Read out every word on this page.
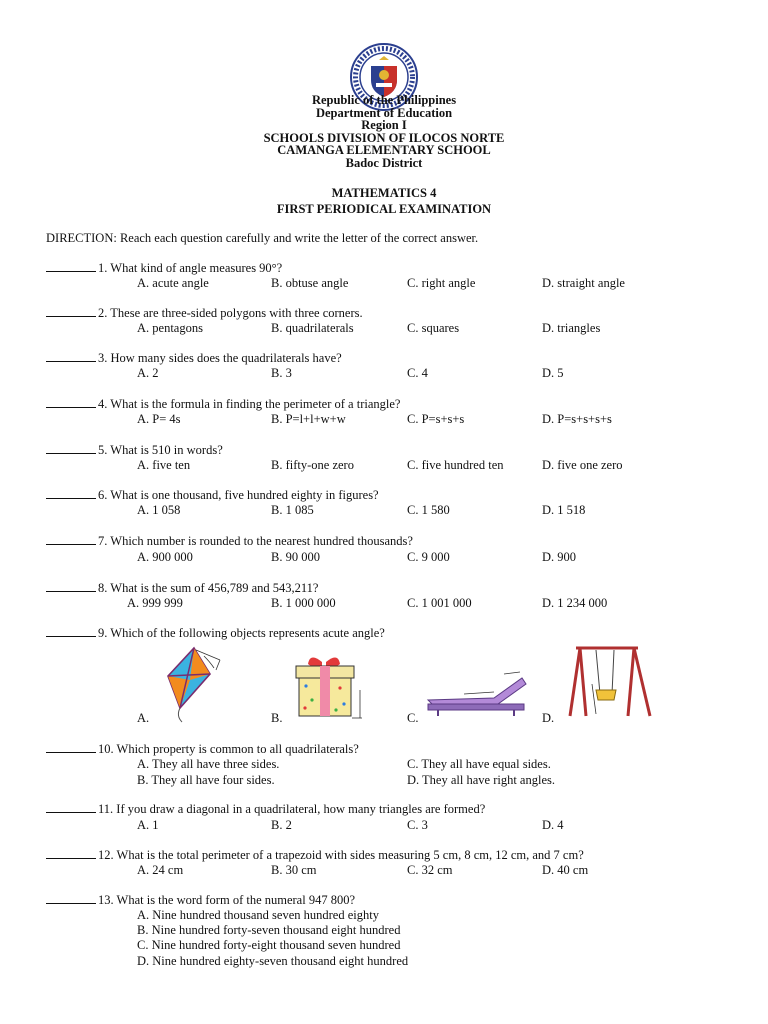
Republic of the Philippines
Department of Education
Region I
SCHOOLS DIVISION OF ILOCOS NORTE
CAMANGA ELEMENTARY SCHOOL
Badoc District
MATHEMATICS 4
FIRST PERIODICAL EXAMINATION
DIRECTION: Reach each question carefully and write the letter of the correct answer.
1. What kind of angle measures 90°?
A. acute angle	B. obtuse angle	C. right angle	D. straight angle
2. These are three-sided polygons with three corners.
A. pentagons	B. quadrilaterals	C. squares	D. triangles
3. How many sides does the quadrilaterals have?
A. 2	B. 3	C. 4	D. 5
4. What is the formula in finding the perimeter of a triangle?
A. P= 4s	B. P=l+l+w+w	C. P=s+s+s	D. P=s+s+s+s
5. What is 510 in words?
A. five ten	B. fifty-one zero	C. five hundred ten	D. five one zero
6. What is one thousand, five hundred eighty in figures?
A. 1 058	B. 1 085	C. 1 580	D. 1 518
7. Which number is rounded to the nearest hundred thousands?
A. 900 000	B. 90 000	C. 9 000	D. 900
8. What is the sum of 456,789 and 543,211?
A. 999 999	B. 1 000 000	C. 1 001 000	D. 1 234 000
9. Which of the following objects represents acute angle?
A.	B.	C.	D.
10. Which property is common to all quadrilaterals?
A. They all have three sides.	C. They all have equal sides.
B. They all have four sides.	D. They all have right angles.
11. If you draw a diagonal in a quadrilateral, how many triangles are formed?
A. 1	B. 2	C. 3	D. 4
12. What is the total perimeter of a trapezoid with sides measuring 5 cm, 8 cm, 12 cm, and 7 cm?
A. 24 cm	B. 30 cm	C. 32 cm	D. 40 cm
13. What is the word form of the numeral 947 800?
A. Nine hundred thousand seven hundred eighty
B. Nine hundred forty-seven thousand eight hundred
C. Nine hundred forty-eight thousand seven hundred
D. Nine hundred eighty-seven thousand eight hundred
